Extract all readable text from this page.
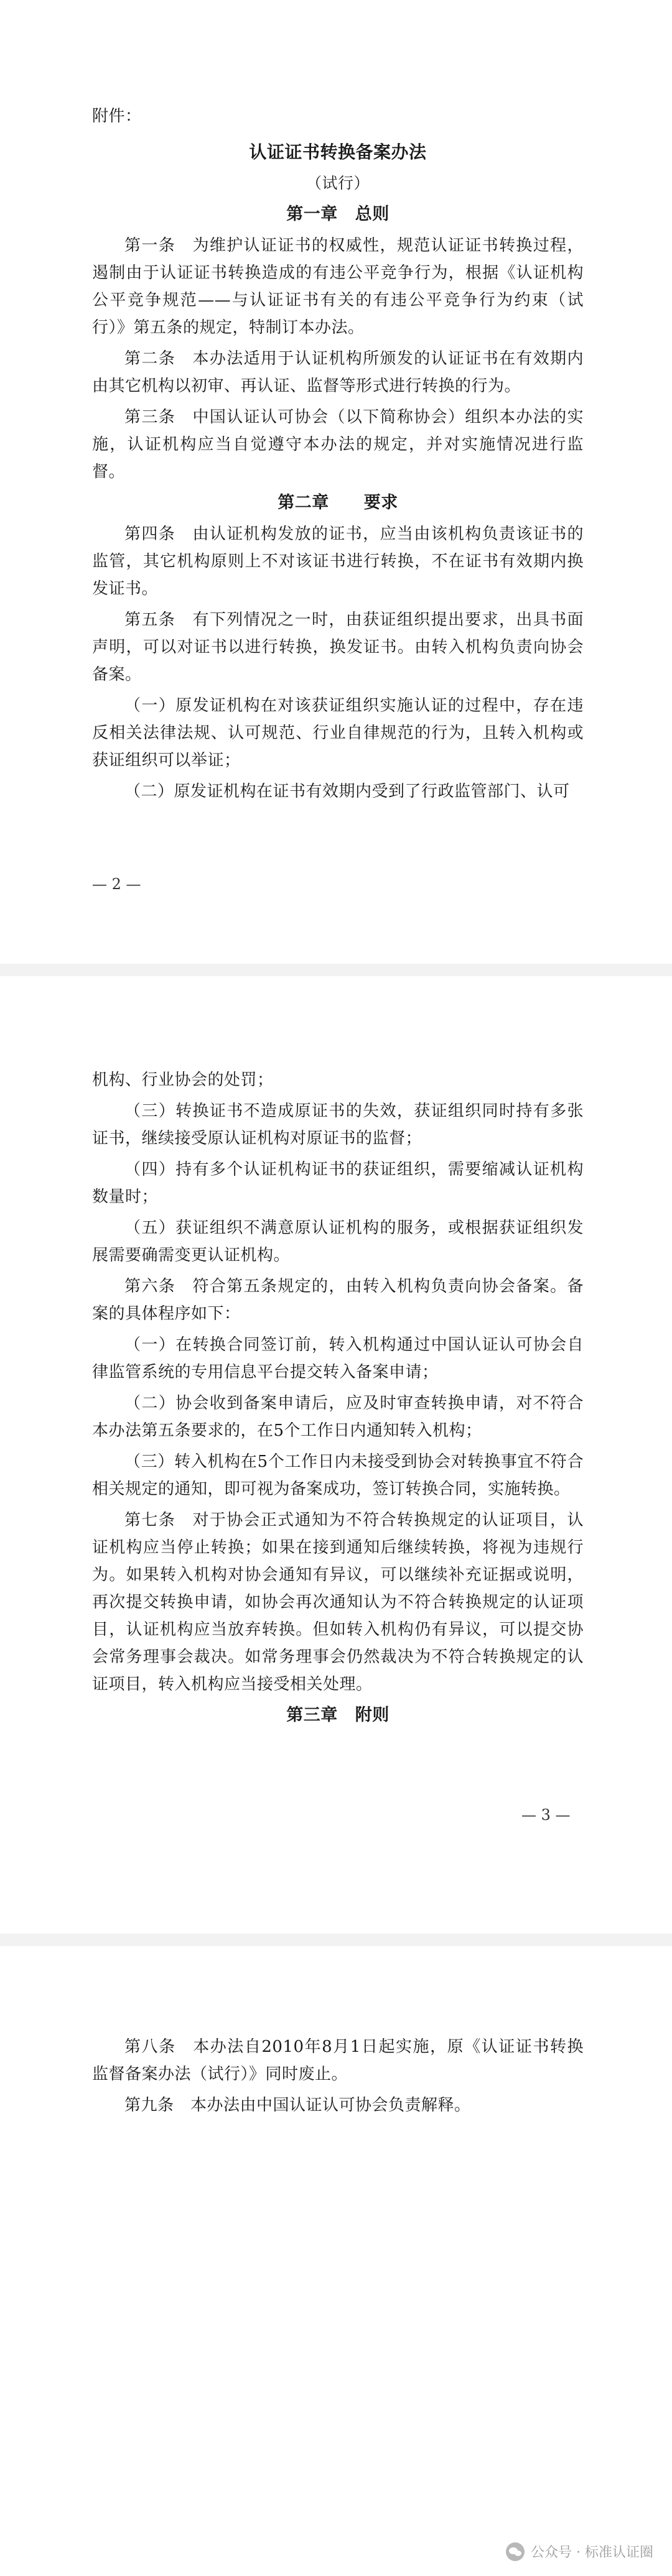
附件：

认证证书转换备案办法

（试行）

第一章 总则

第一条　为维护认证证书的权威性，规范认证证书转换过程，遏制由于认证证书转换造成的有违公平竞争行为，根据《认证机构公平竞争规范——与认证证书有关的有违公平竞争行为约束（试行）》第五条的规定，特制订本办法。

第二条　本办法适用于认证机构所颁发的认证证书在有效期内由其它机构以初审、再认证、监督等形式进行转换的行为。

第三条　中国认证认可协会（以下简称协会）组织本办法的实施，认证机构应当自觉遵守本办法的规定，并对实施情况进行监督。

第二章 要求

第四条　由认证机构发放的证书，应当由该机构负责该证书的监管，其它机构原则上不对该证书进行转换，不在证书有效期内换发证书。

第五条　有下列情况之一时，由获证组织提出要求，出具书面声明，可以对证书以进行转换，换发证书。由转入机构负责向协会备案。

（一）原发证机构在对该获证组织实施认证的过程中，存在违反相关法律法规、认可规范、行业自律规范的行为，且转入机构或获证组织可以举证；

（二）原发证机构在证书有效期内受到了行政监管部门、认可

— 2 —

机构、行业协会的处罚；

（三）转换证书不造成原证书的失效，获证组织同时持有多张证书，继续接受原认证机构对原证书的监督；

（四）持有多个认证机构证书的获证组织，需要缩减认证机构数量时；

（五）获证组织不满意原认证机构的服务，或根据获证组织发展需要确需变更认证机构。

第六条　符合第五条规定的，由转入机构负责向协会备案。备案的具体程序如下：

（一）在转换合同签订前，转入机构通过中国认证认可协会自律监管系统的专用信息平台提交转入备案申请；

（二）协会收到备案申请后，应及时审查转换申请，对不符合本办法第五条要求的，在5个工作日内通知转入机构；

（三）转入机构在5个工作日内未接受到协会对转换事宜不符合相关规定的通知，即可视为备案成功，签订转换合同，实施转换。

第七条　对于协会正式通知为不符合转换规定的认证项目，认证机构应当停止转换；如果在接到通知后继续转换，将视为违规行为。如果转入机构对协会通知有异议，可以继续补充证据或说明，再次提交转换申请，如协会再次通知认为不符合转换规定的认证项目，认证机构应当放弃转换。但如转入机构仍有异议，可以提交协会常务理事会裁决。如常务理事会仍然裁决为不符合转换规定的认证项目，转入机构应当接受相关处理。

第三章 附则

— 3 —

第八条　本办法自2010年8月1日起实施，原《认证证书转换监督备案办法（试行）》同时废止。

第九条　本办法由中国认证认可协会负责解释。

公众号 · 标准认证圈
